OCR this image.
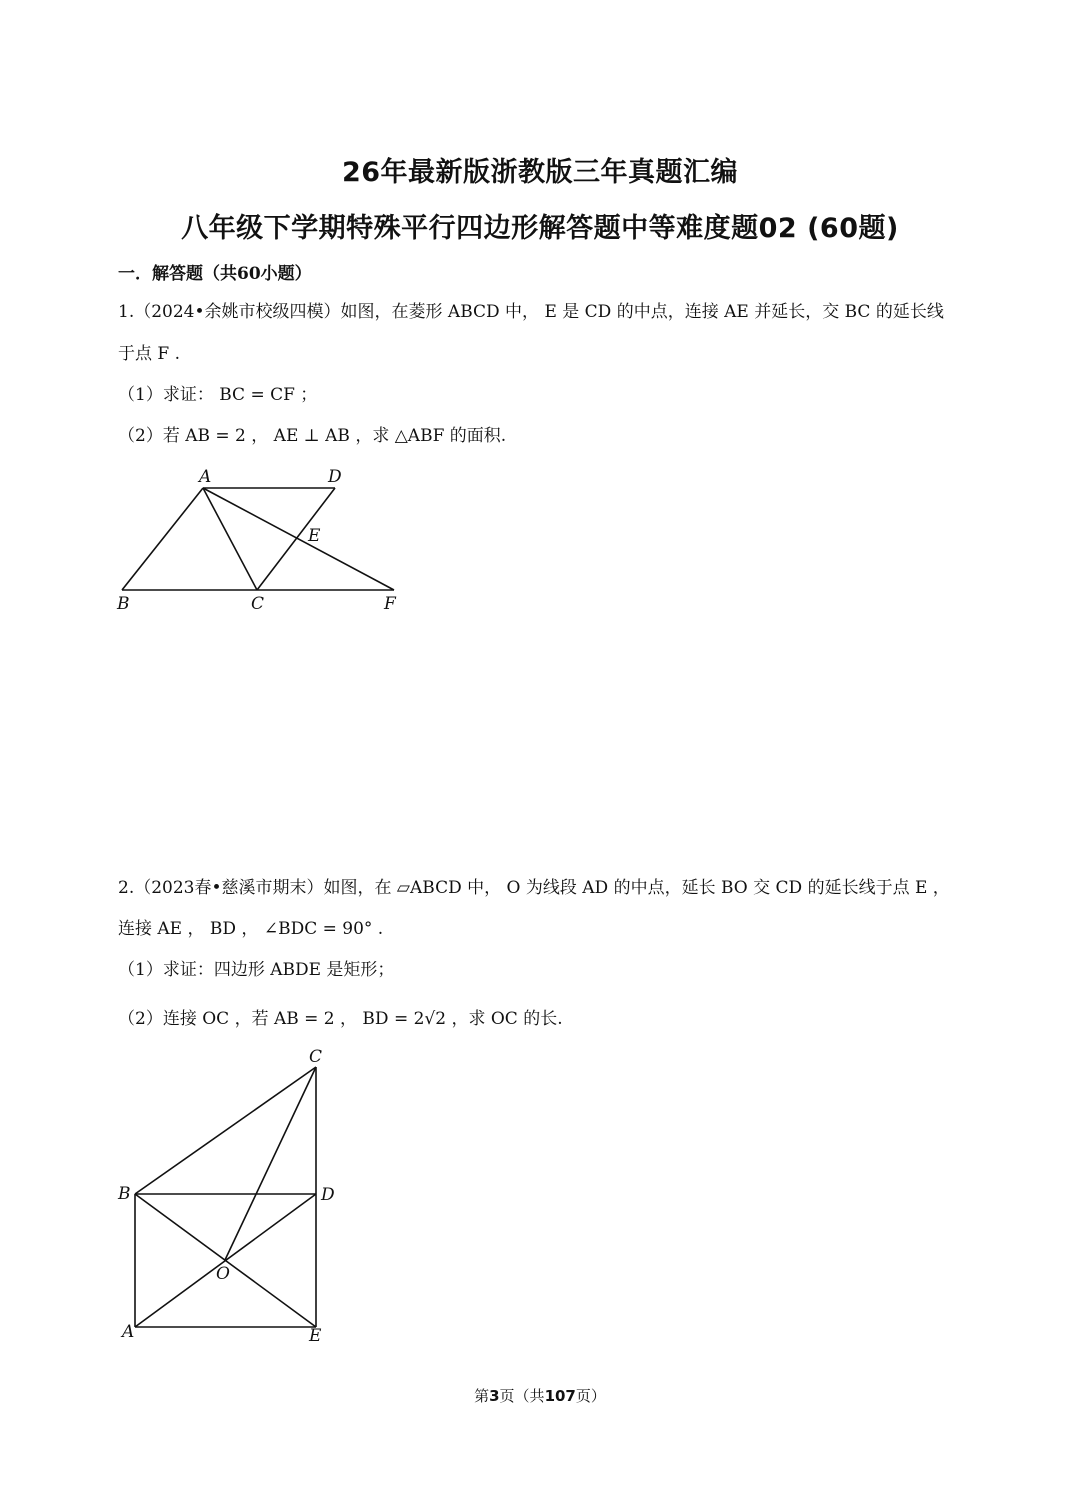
26年最新版浙教版三年真题汇编
八年级下学期特殊平行四边形解答题中等难度题02 (60题)
一．解答题（共60小题）
1.（2024•余姚市校级四模）如图，在菱形 ABCD 中， E 是 CD 的中点，连接 AE 并延长，交 BC 的延长线
于点 F .
（1）求证： BC = CF ；
（2）若 AB = 2 ， AE ⊥ AB ，求 △ABF 的面积.
A	D
E
B	C	F
2.（2023春•慈溪市期末）如图，在 ▱ABCD 中， O 为线段 AD 的中点，延长 BO 交 CD 的延长线于点 E ，
连接 AE ， BD ， ∠BDC = 90° .
（1）求证：四边形 ABDE 是矩形；
（2）连接 OC ，若 AB = 2 ， BD = 2√2 ，求 OC 的长.
C
B	D
O
A	E
第3页（共107页）
